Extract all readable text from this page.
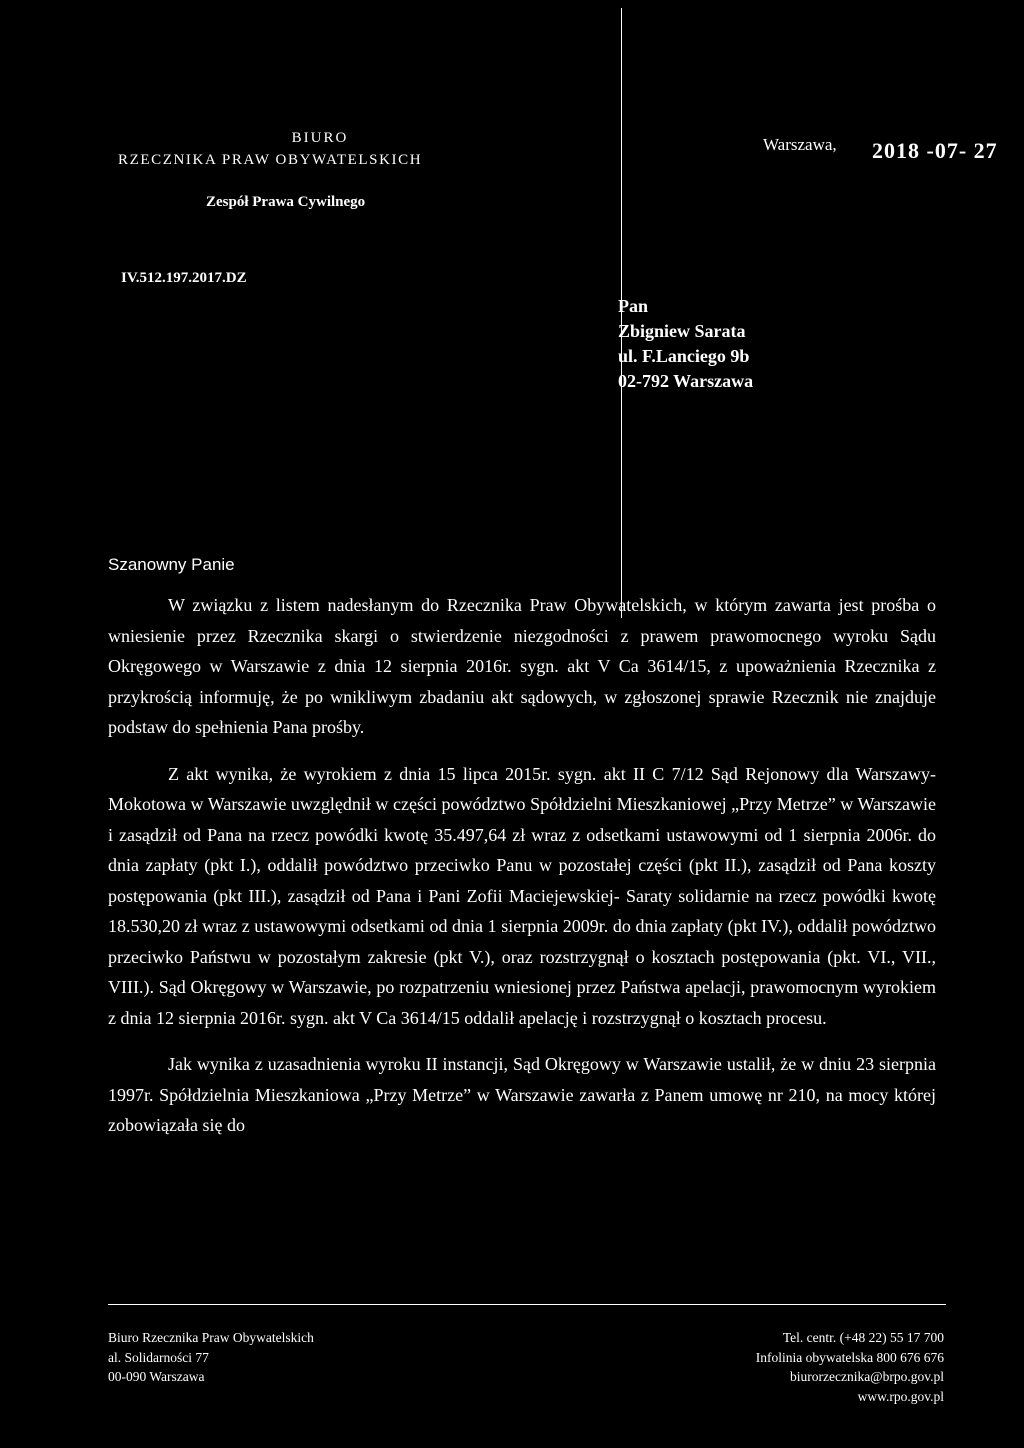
BIURO
RZECZNIKA PRAW OBYWATELSKICH
Zespół Prawa Cywilnego
Warszawa, 2018 -07- 27
IV.512.197.2017.DZ
Pan
Zbigniew Sarata
ul. F.Lanciego 9b
02-792 Warszawa
Szanowny Panie

W związku z listem nadesłanym do Rzecznika Praw Obywatelskich, w którym zawarta jest prośba o wniesienie przez Rzecznika skargi o stwierdzenie niezgodności z prawem prawomocnego wyroku Sądu Okręgowego w Warszawie z dnia 12 sierpnia 2016r. sygn. akt V Ca 3614/15, z upoważnienia Rzecznika z przykrością informuję, że po wnikliwym zbadaniu akt sądowych, w zgłoszonej sprawie Rzecznik nie znajduje podstaw do spełnienia Pana prośby.

Z akt wynika, że wyrokiem z dnia 15 lipca 2015r. sygn. akt II C 7/12 Sąd Rejonowy dla Warszawy-Mokotowa w Warszawie uwzględnił w części powództwo Spółdzielni Mieszkaniowej „Przy Metrze” w Warszawie i zasądził od Pana na rzecz powódki kwotę 35.497,64 zł wraz z odsetkami ustawowymi od 1 sierpnia 2006r. do dnia zapłaty (pkt I.), oddalił powództwo przeciwko Panu w pozostałej części (pkt II.), zasądził od Pana koszty postępowania (pkt III.), zasądził od Pana i Pani Zofii Maciejewskiej- Saraty solidarnie na rzecz powódki kwotę 18.530,20 zł wraz z ustawowymi odsetkami od dnia 1 sierpnia 2009r. do dnia zapłaty (pkt IV.), oddalił powództwo przeciwko Państwu w pozostałym zakresie (pkt V.), oraz rozstrzygnął o kosztach postępowania (pkt. VI., VII., VIII.). Sąd Okręgowy w Warszawie, po rozpatrzeniu wniesionej przez Państwa apelacji, prawomocnym wyrokiem z dnia 12 sierpnia 2016r. sygn. akt V Ca 3614/15 oddalił apelację i rozstrzygnął o kosztach procesu.

Jak wynika z uzasadnienia wyroku II instancji, Sąd Okręgowy w Warszawie ustalił, że w dniu 23 sierpnia 1997r. Spółdzielnia Mieszkaniowa „Przy Metrze” w Warszawie zawarła z Panem umowę nr 210, na mocy której zobowiązała się do

Biuro Rzecznika Praw Obywatelskich
al. Solidarności 77
00-090 Warszawa
Tel. centr. (+48 22) 55 17 700
Infolinia obywatelska 800 676 676
biurorzecznika@brpo.gov.pl
www.rpo.gov.pl
